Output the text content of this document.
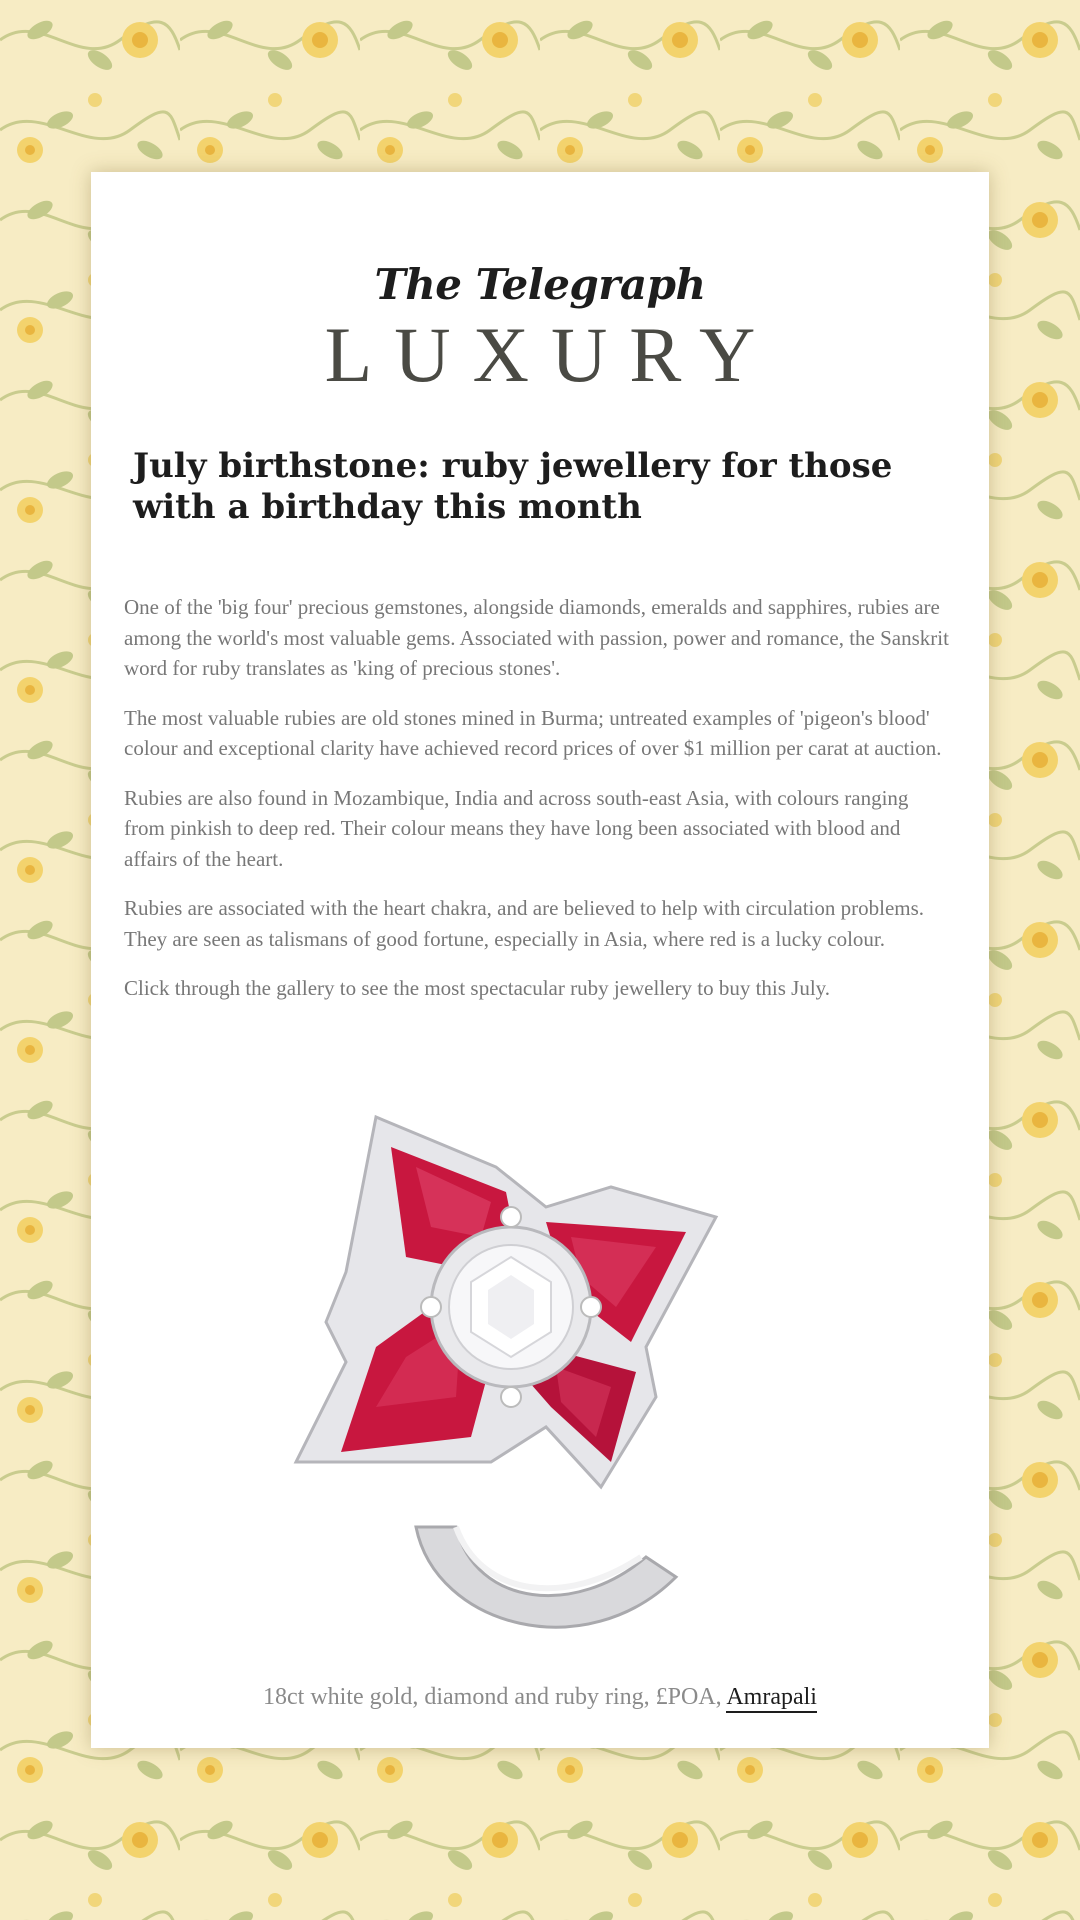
The Telegraph
LUXURY
July birthstone: ruby jewellery for those with a birthday this month

One of the 'big four' precious gemstones, alongside diamonds, emeralds and sapphires, rubies are among the world's most valuable gems. Associated with passion, power and romance, the Sanskrit word for ruby translates as 'king of precious stones'.

The most valuable rubies are old stones mined in Burma; untreated examples of 'pigeon's blood' colour and exceptional clarity have achieved record prices of over $1 million per carat at auction.

Rubies are also found in Mozambique, India and across south-east Asia, with colours ranging from pinkish to deep red. Their colour means they have long been associated with blood and affairs of the heart.

Rubies are associated with the heart chakra, and are believed to help with circulation problems. They are seen as talismans of good fortune, especially in Asia, where red is a lucky colour.

Click through the gallery to see the most spectacular ruby jewellery to buy this July.

18ct white gold, diamond and ruby ring, £POA, Amrapali
